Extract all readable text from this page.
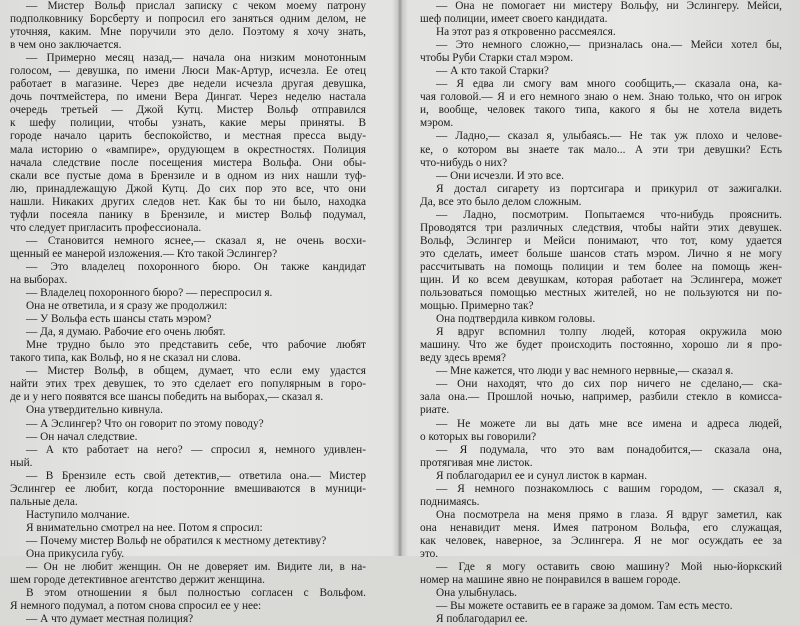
— Мистер Вольф прислал записку с чеком моему патрону
подполковнику Борсберту и попросил его заняться одним делом, не
уточняя, каким. Мне поручили это дело. Поэтому я хочу знать,
в чем оно заключается.
— Примерно месяц назад,— начала она низким монотонным
голосом, — девушка, по имени Люси Мак-Артур, исчезла. Ее отец
работает в магазине. Через две недели исчезла другая девушка,
дочь почтмейстера, по имени Вера Дингат. Через неделю настала
очередь третьей — Джой Кутц. Мистер Вольф отправился
к шефу полиции, чтобы узнать, какие меры приняты. В
городе начало царить беспокойство, и местная пресса выду-
мала историю о «вампире», орудующем в окрестностях. Полиция
начала следствие после посещения мистера Вольфа. Они обы-
скали все пустые дома в Брензиле и в одном из них нашли туф-
лю, принадлежащую Джой Кутц. До сих пор это все, что они
нашли. Никаких других следов нет. Как бы то ни было, находка
туфли посеяла панику в Брензиле, и мистер Вольф подумал,
что следует пригласить профессионала.
— Становится немного яснее,— сказал я, не очень восхи-
щенный ее манерой изложения.— Кто такой Эслингер?
— Это владелец похоронного бюро. Он также кандидат
на выборах.
— Владелец похоронного бюро? — переспросил я.
Она не ответила, и я сразу же продолжил:
— У Вольфа есть шансы стать мэром?
— Да, я думаю. Рабочие его очень любят.
Мне трудно было это представить себе, что рабочие любят
такого типа, как Вольф, но я не сказал ни слова.
— Мистер Вольф, в общем, думает, что если ему удастся
найти этих трех девушек, то это сделает его популярным в горо-
де и у него появятся все шансы победить на выборах,— сказал я.
Она утвердительно кивнула.
— А Эслингер? Что он говорит по этому поводу?
— Он начал следствие.
— А кто работает на него? — спросил я, немного удивлен-
ный.
— В Брензиле есть свой детектив,— ответила она.— Мистер
Эслингер ее любит, когда посторонние вмешиваются в муници-
пальные дела.
Наступило молчание.
Я внимательно смотрел на нее. Потом я спросил:
— Почему мистер Вольф не обратился к местному детективу?
Она прикусила губу.
— Он не любит женщин. Он не доверяет им. Видите ли, в на-
шем городе детективное агентство держит женщина.
В этом отношении я был полностью согласен с Вольфом.
Я немного подумал, а потом снова спросил ее у нее:
— А что думает местная полиция?
— Она не помогает ни мистеру Вольфу, ни Эслингеру. Мейси,
шеф полиции, имеет своего кандидата.
На этот раз я откровенно рассмеялся.
— Это немного сложно,— призналась она.— Мейси хотел бы,
чтобы Руби Старки стал мэром.
— А кто такой Старки?
— Я едва ли смогу вам много сообщить,— сказала она, ка-
чая головой.— Я и его немного знаю о нем. Знаю только, что он игрок
и, вообще, человек такого типа, какого я бы не хотела видеть
мэром.
— Ладно,— сказал я, улыбаясь.— Не так уж плохо и челове-
ке, о котором вы знаете так мало... А эти три девушки? Есть
что-нибудь о них?
— Они исчезли. И это все.
Я достал сигарету из портсигара и прикурил от зажигалки.
Да, все это было делом сложным.
— Ладно, посмотрим. Попытаемся что-нибудь прояснить.
Проводятся три различных следствия, чтобы найти этих девушек.
Вольф, Эслингер и Мейси понимают, что тот, кому удается
это сделать, имеет больше шансов стать мэром. Лично я не могу
рассчитывать на помощь полиции и тем более на помощь жен-
щин. И ко всем девушкам, которая работает на Эслингера, может
пользоваться помощью местных жителей, но не пользуются ни по-
мощью. Примерно так?
Она подтвердила кивком головы.
Я вдруг вспомнил толпу людей, которая окружила мою
машину. Что же будет происходить постоянно, хорошо ли я про-
веду здесь время?
— Мне кажется, что люди у вас немного нервные,— сказал я.
— Они находят, что до сих пор ничего не сделано,— ска-
зала она.— Прошлой ночью, например, разбили стекло в комисса-
риате.
— Не можете ли вы дать мне все имена и адреса людей,
о которых вы говорили?
— Я подумала, что это вам понадобится,— сказала она,
протягивая мне листок.
Я поблагодарил ее и сунул листок в карман.
— Я немного познакомлюсь с вашим городом, — сказал я,
поднимаясь.
Она посмотрела на меня прямо в глаза. Я вдруг заметил, как
она ненавидит меня. Имея патроном Вольфа, его служащая,
как человек, наверное, за Эслингера. Я не мог осуждать ее за
это.
— Где я могу оставить свою машину? Мой нью-йоркский
номер на машине явно не понравился в вашем городе.
Она улыбнулась.
— Вы можете оставить ее в гараже за домом. Там есть место.
Я поблагодарил ее.
